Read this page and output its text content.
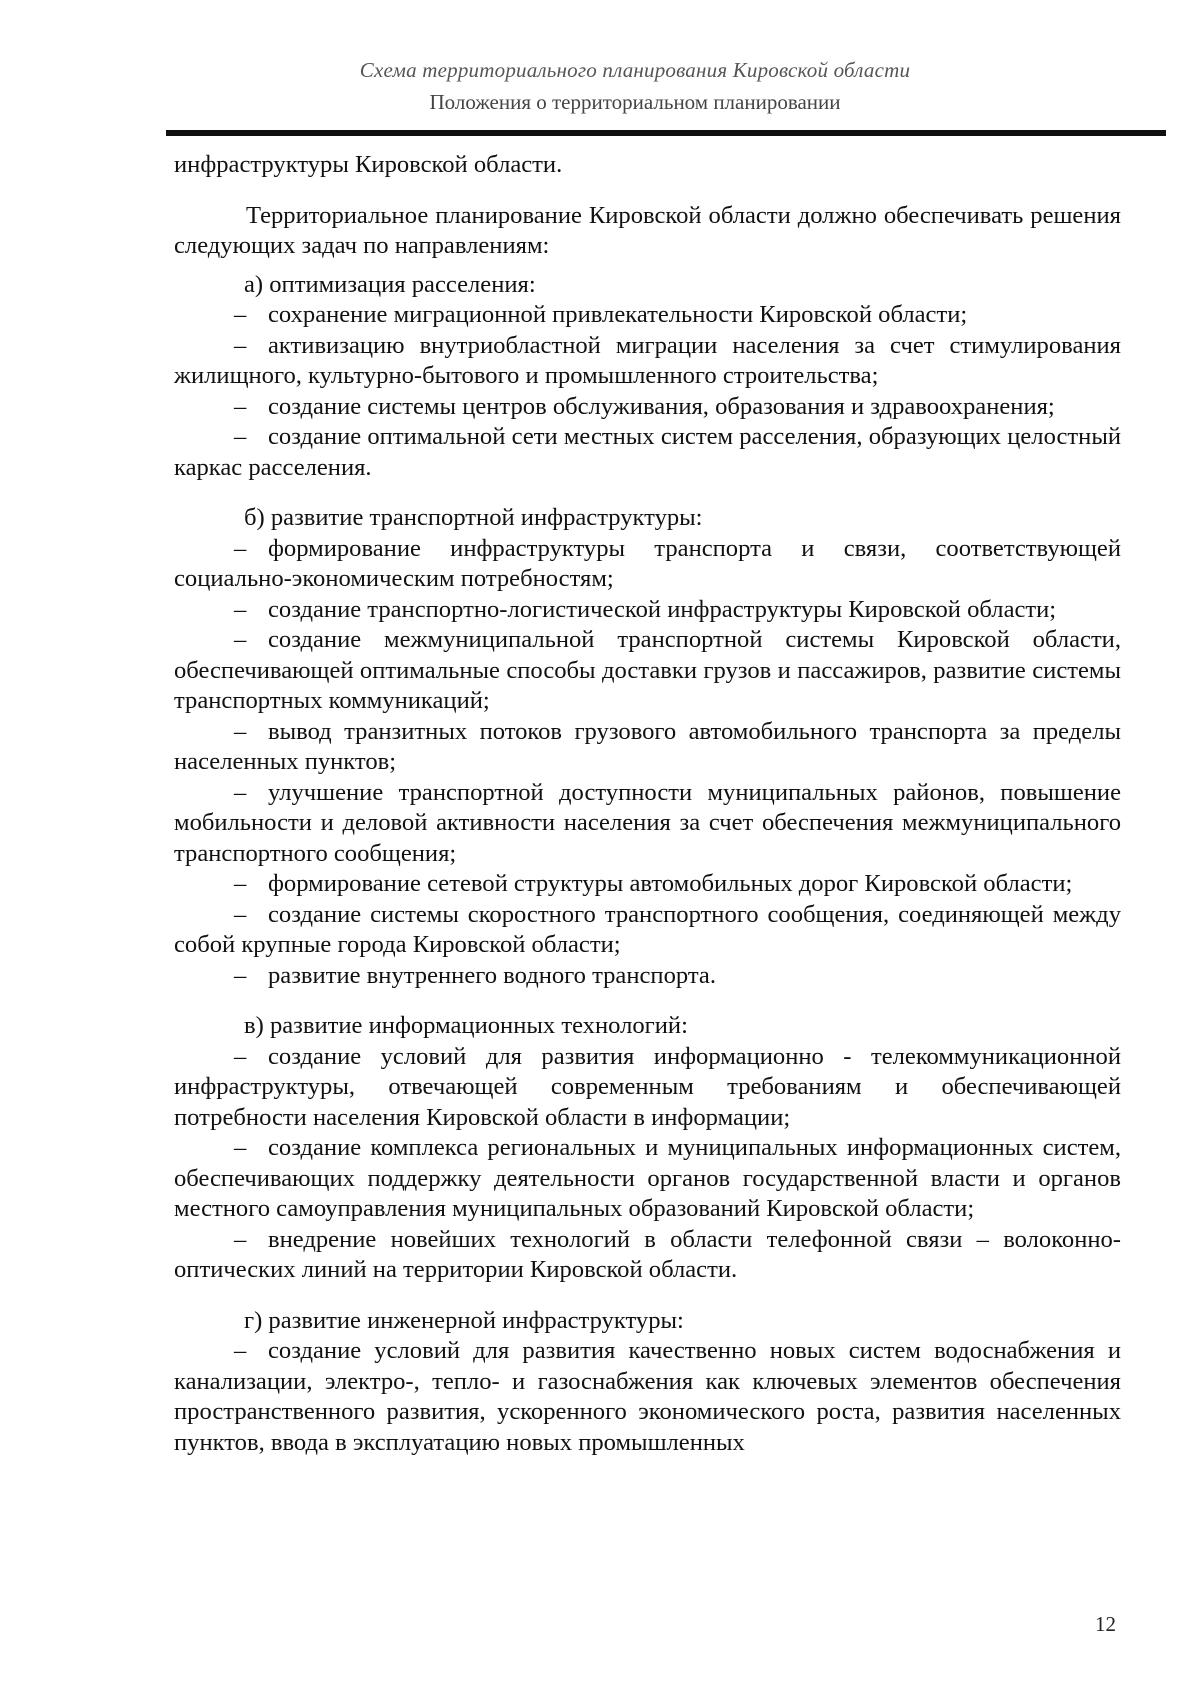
Схема территориального планирования Кировской области
Положения о территориальном планировании

инфраструктуры Кировской области.

Территориальное планирование Кировской области должно обеспечивать решения следующих задач по направлениям:

а) оптимизация расселения:

– сохранение миграционной привлекательности Кировской области;

– активизацию внутриобластной миграции населения за счет стимулирования жилищного, культурно-бытового и промышленного строительства;

– создание системы центров обслуживания, образования и здравоохранения;

– создание оптимальной сети местных систем расселения, образующих целостный каркас расселения.

б) развитие транспортной инфраструктуры:

– формирование инфраструктуры транспорта и связи, соответствующей социально-экономическим потребностям;

– создание транспортно-логистической инфраструктуры Кировской области;

– создание межмуниципальной транспортной системы Кировской области, обеспечивающей оптимальные способы доставки грузов и пассажиров, развитие системы транспортных коммуникаций;

– вывод транзитных потоков грузового автомобильного транспорта за пределы населенных пунктов;

– улучшение транспортной доступности муниципальных районов, повышение мобильности и деловой активности населения за счет обеспечения межмуниципального транспортного сообщения;

– формирование сетевой структуры автомобильных дорог Кировской области;

– создание системы скоростного транспортного сообщения, соединяющей между собой крупные города Кировской области;

– развитие внутреннего водного транспорта.

в) развитие информационных технологий:

– создание условий для развития информационно - телекоммуникационной инфраструктуры, отвечающей современным требованиям и обеспечивающей потребности населения Кировской области в информации;

– создание комплекса региональных и муниципальных информационных систем, обеспечивающих поддержку деятельности органов государственной власти и органов местного самоуправления муниципальных образований Кировской области;

– внедрение новейших технологий в области телефонной связи – волоконно-оптических линий на территории Кировской области.

г) развитие инженерной инфраструктуры:

– создание условий для развития качественно новых систем водоснабжения и канализации, электро-, тепло- и газоснабжения как ключевых элементов обеспечения пространственного развития, ускоренного экономического роста, развития населенных пунктов, ввода в эксплуатацию новых промышленных

12
